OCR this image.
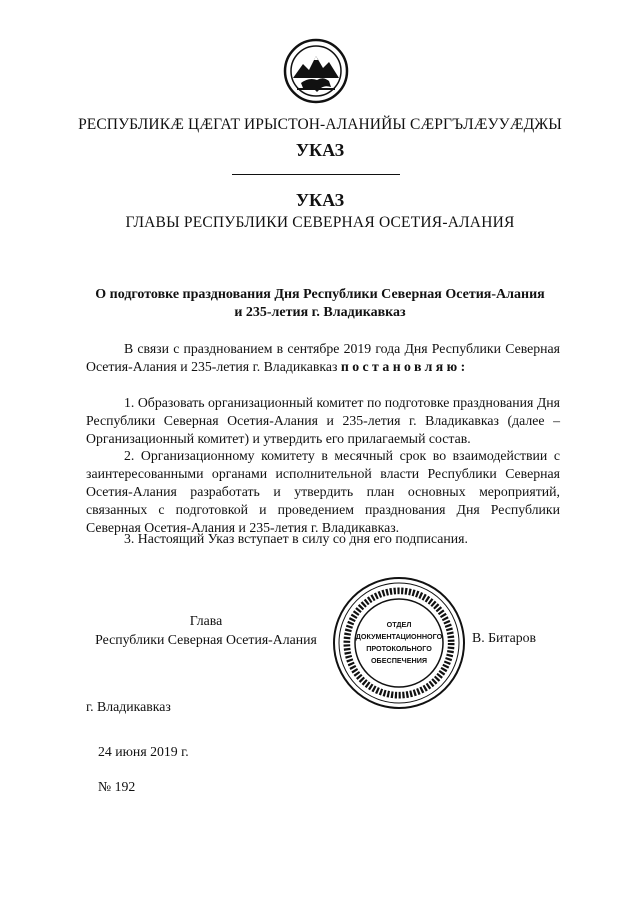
РЕСПУБЛИКӔ ЦӔГАТ ИРЫСТОН-АЛАНИЙЫ СӔРГЪЛӔУУӔДЖЫ
УКАЗ
УКАЗ
ГЛАВЫ РЕСПУБЛИКИ СЕВЕРНАЯ ОСЕТИЯ-АЛАНИЯ
О подготовке празднования Дня Республики Северная Осетия-Алания
и 235-летия г. Владикавказ
В связи с празднованием в сентябре 2019 года Дня Республики Северная Осетия-Алания и 235-летия г. Владикавказ постановляю:
1. Образовать организационный комитет по подготовке празднования Дня Республики Северная Осетия-Алания и 235-летия г. Владикавказ (далее – Организационный комитет) и утвердить его прилагаемый состав.
2. Организационному комитету в месячный срок во взаимодействии с заинтересованными органами исполнительной власти Республики Северная Осетия-Алания разработать и утвердить план основных мероприятий, связанных с подготовкой и проведением празднования Дня Республики Северная Осетия-Алания и 235-летия г. Владикавказ.
3. Настоящий Указ вступает в силу со дня его подписания.
Глава
Республики Северная Осетия-Алания
ОТДЕЛ
ДОКУМЕНТАЦИОННОГО
ПРОТОКОЛЬНОГО
ОБЕСПЕЧЕНИЯ
В. Битаров
г. Владикавказ
24 июня 2019 г.
№ 192
